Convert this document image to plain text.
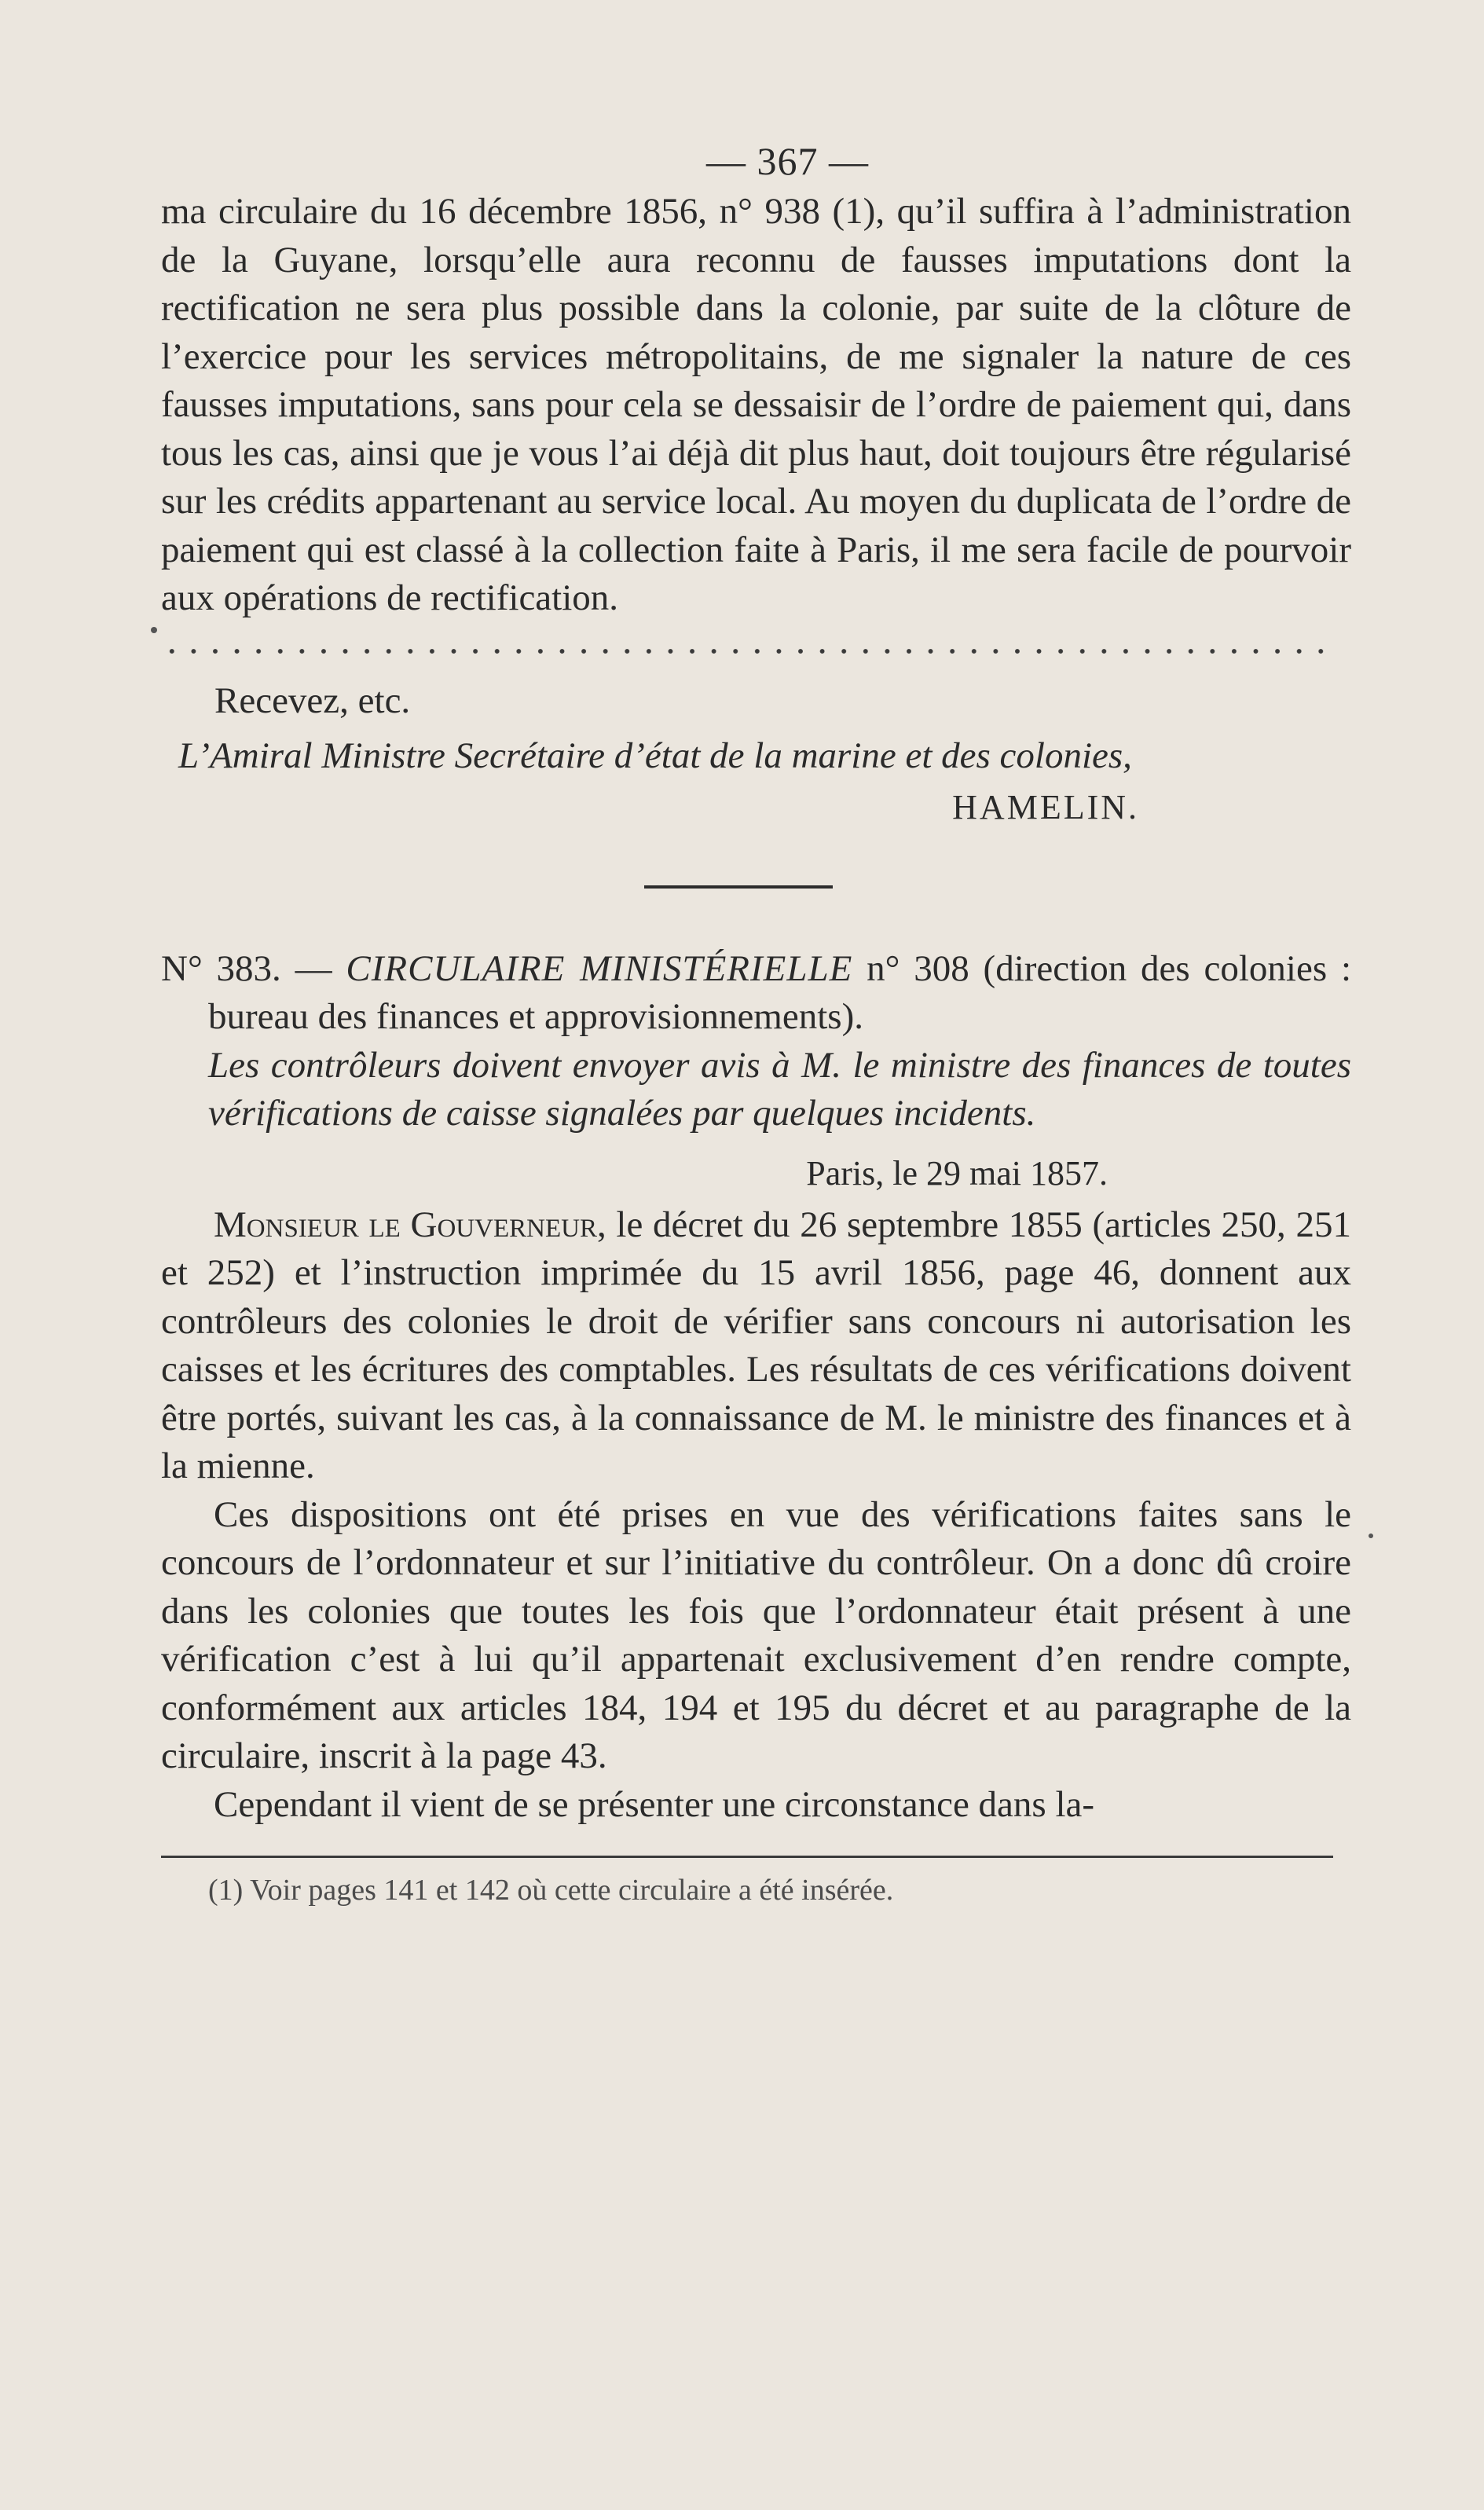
— 367 —

ma circulaire du 16 décembre 1856, n° 938 (1), qu’il suffira à l’administration de la Guyane, lorsqu’elle aura reconnu de fausses imputations dont la rectification ne sera plus possible dans la colonie, par suite de la clôture de l’exercice pour les services métropolitains, de me signaler la nature de ces fausses imputations, sans pour cela se dessaisir de l’ordre de paiement qui, dans tous les cas, ainsi que je vous l’ai déjà dit plus haut, doit toujours être régularisé sur les crédits appartenant au service local. Au moyen du duplicata de l’ordre de paiement qui est classé à la collection faite à Paris, il me sera facile de pourvoir aux opérations de rectification.

Recevez, etc.
L’Amiral Ministre Secrétaire d’état de la marine et des colonies,
HAMELIN.

N° 383. — CIRCULAIRE MINISTÉRIELLE n° 308 (direction des colonies : bureau des finances et approvisionnements).

Les contrôleurs doivent envoyer avis à M. le ministre des finances de toutes vérifications de caisse signalées par quelques incidents.

Paris, le 29 mai 1857.

Monsieur le Gouverneur, le décret du 26 septembre 1855 (articles 250, 251 et 252) et l’instruction imprimée du 15 avril 1856, page 46, donnent aux contrôleurs des colonies le droit de vérifier sans concours ni autorisation les caisses et les écritures des comptables. Les résultats de ces vérifications doivent être portés, suivant les cas, à la connaissance de M. le ministre des finances et à la mienne.

Ces dispositions ont été prises en vue des vérifications faites sans le concours de l’ordonnateur et sur l’initiative du contrôleur. On a donc dû croire dans les colonies que toutes les fois que l’ordonnateur était présent à une vérification c’est à lui qu’il appartenait exclusivement d’en rendre compte, conformément aux articles 184, 194 et 195 du décret et au paragraphe de la circulaire, inscrit à la page 43.

Cependant il vient de se présenter une circonstance dans la-

(1) Voir pages 141 et 142 où cette circulaire a été insérée.
